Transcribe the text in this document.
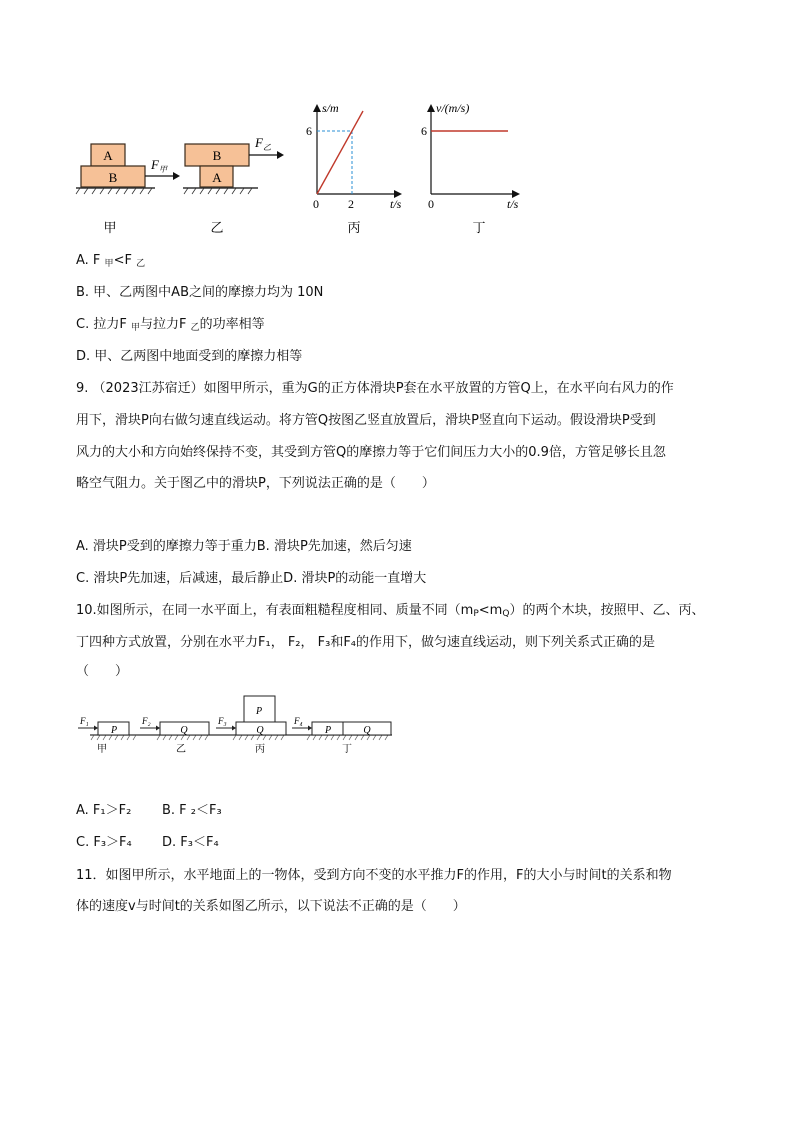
A
B
$F_甲$
甲
B
A
$F_乙$
乙
s/m
6
0 2	t/s
丙
v/(m/s)
6
0	t/s
丁
A. F $_甲$<F $_乙$
B. 甲、乙两图中AB之间的摩擦力均为 10N
C. 拉力F $_甲$与拉力F $_乙$的功率相等
D. 甲、乙两图中地面受到的摩擦力相等
9. （2023江苏宿迁）如图甲所示，重为G的正方体滑块P套在水平放置的方管Q上，在水平向右风力的作
用下，滑块P向右做匀速直线运动。将方管Q按图乙竖直放置后，滑块P竖直向下运动。假设滑块P受到
风力的大小和方向始终保持不变，其受到方管Q的摩擦力等于它们间压力大小的0.9倍，方管足够长且忽
略空气阻力。关于图乙中的滑块P，下列说法正确的是（　　）
A. 滑块P受到的摩擦力等于重力B. 滑块P先加速，然后匀速
C. 滑块P先加速，后减速，最后静止D. 滑块P的动能一直增大
10.如图所示，在同一水平面上，有表面粗糙程度相同、质量不同$(m_P<m_Q)$的两个木块，按照甲、乙、丙、
丁四种方式放置，分别在水平力F₁， F₂， F₃和F₄的作用下，做匀速直线运动，则下列关系式正确的是
（　　）
P
F₁
甲
Q
F₂
乙
P
Q
F₃
丙
P	Q
F₄
丁
A. F₁＞F₂ B. F ₂＜F₃
C. F₃＞F₄ D. F₃＜F₄
11．如图甲所示，水平地面上的一物体，受到方向不变的水平推力F的作用，F的大小与时间t的关系和物
体的速度v与时间t的关系如图乙所示，以下说法不正确的是（　　）
